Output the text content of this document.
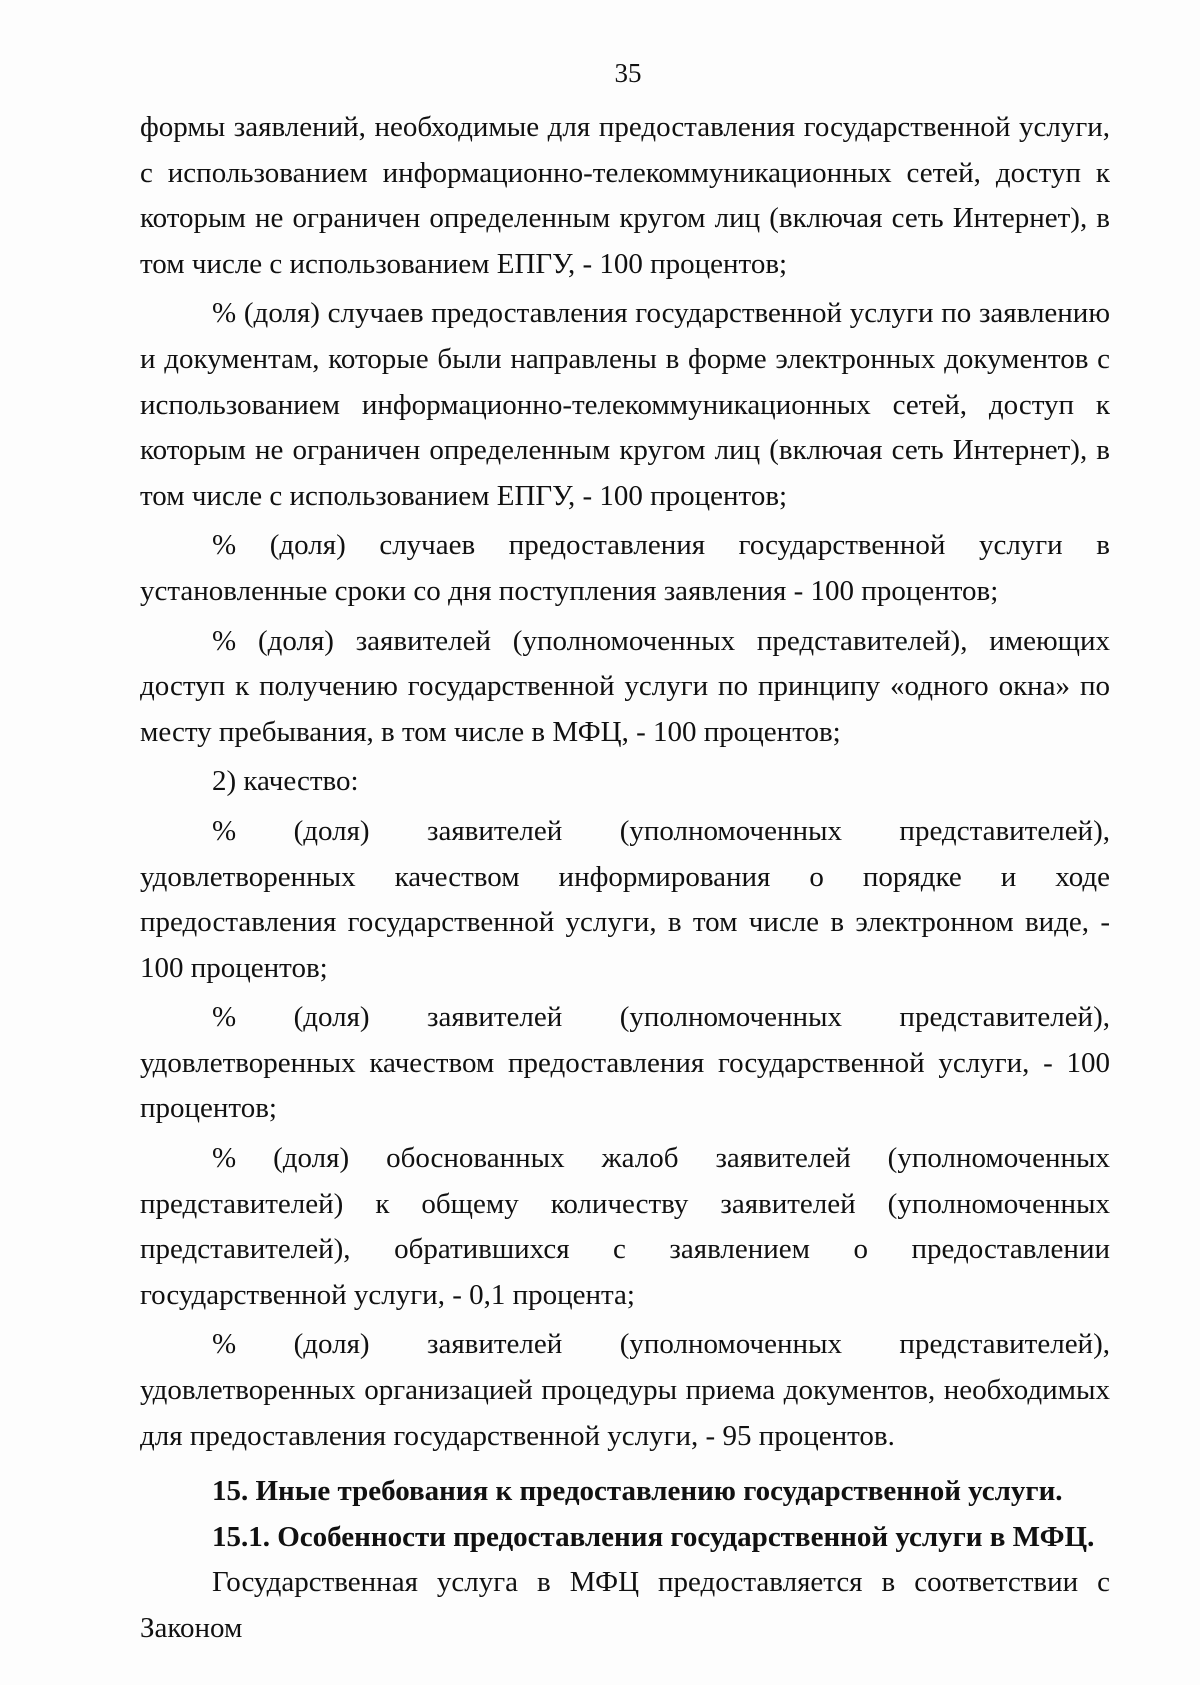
35

формы заявлений, необходимые для предоставления государственной услуги, с использованием информационно-телекоммуникационных сетей, доступ к которым не ограничен определенным кругом лиц (включая сеть Интернет), в том числе с использованием ЕПГУ, - 100 процентов;

% (доля) случаев предоставления государственной услуги по заявлению и документам, которые были направлены в форме электронных документов с использованием информационно-телекоммуникационных сетей, доступ к которым не ограничен определенным кругом лиц (включая сеть Интернет), в том числе с использованием ЕПГУ, - 100 процентов;

% (доля) случаев предоставления государственной услуги в установленные сроки со дня поступления заявления - 100 процентов;

% (доля) заявителей (уполномоченных представителей), имеющих доступ к получению государственной услуги по принципу «одного окна» по месту пребывания, в том числе в МФЦ, - 100 процентов;

2) качество:

% (доля) заявителей (уполномоченных представителей), удовлетворенных качеством информирования о порядке и ходе предоставления государственной услуги, в том числе в электронном виде, - 100 процентов;

% (доля) заявителей (уполномоченных представителей), удовлетворенных качеством предоставления государственной услуги, - 100 процентов;

% (доля) обоснованных жалоб заявителей (уполномоченных представителей) к общему количеству заявителей (уполномоченных представителей), обратившихся с заявлением о предоставлении государственной услуги, - 0,1 процента;

% (доля) заявителей (уполномоченных представителей), удовлетворенных организацией процедуры приема документов, необходимых для предоставления государственной услуги, - 95 процентов.

15. Иные требования к предоставлению государственной услуги.

15.1. Особенности предоставления государственной услуги в МФЦ.

Государственная услуга в МФЦ предоставляется в соответствии с Законом
